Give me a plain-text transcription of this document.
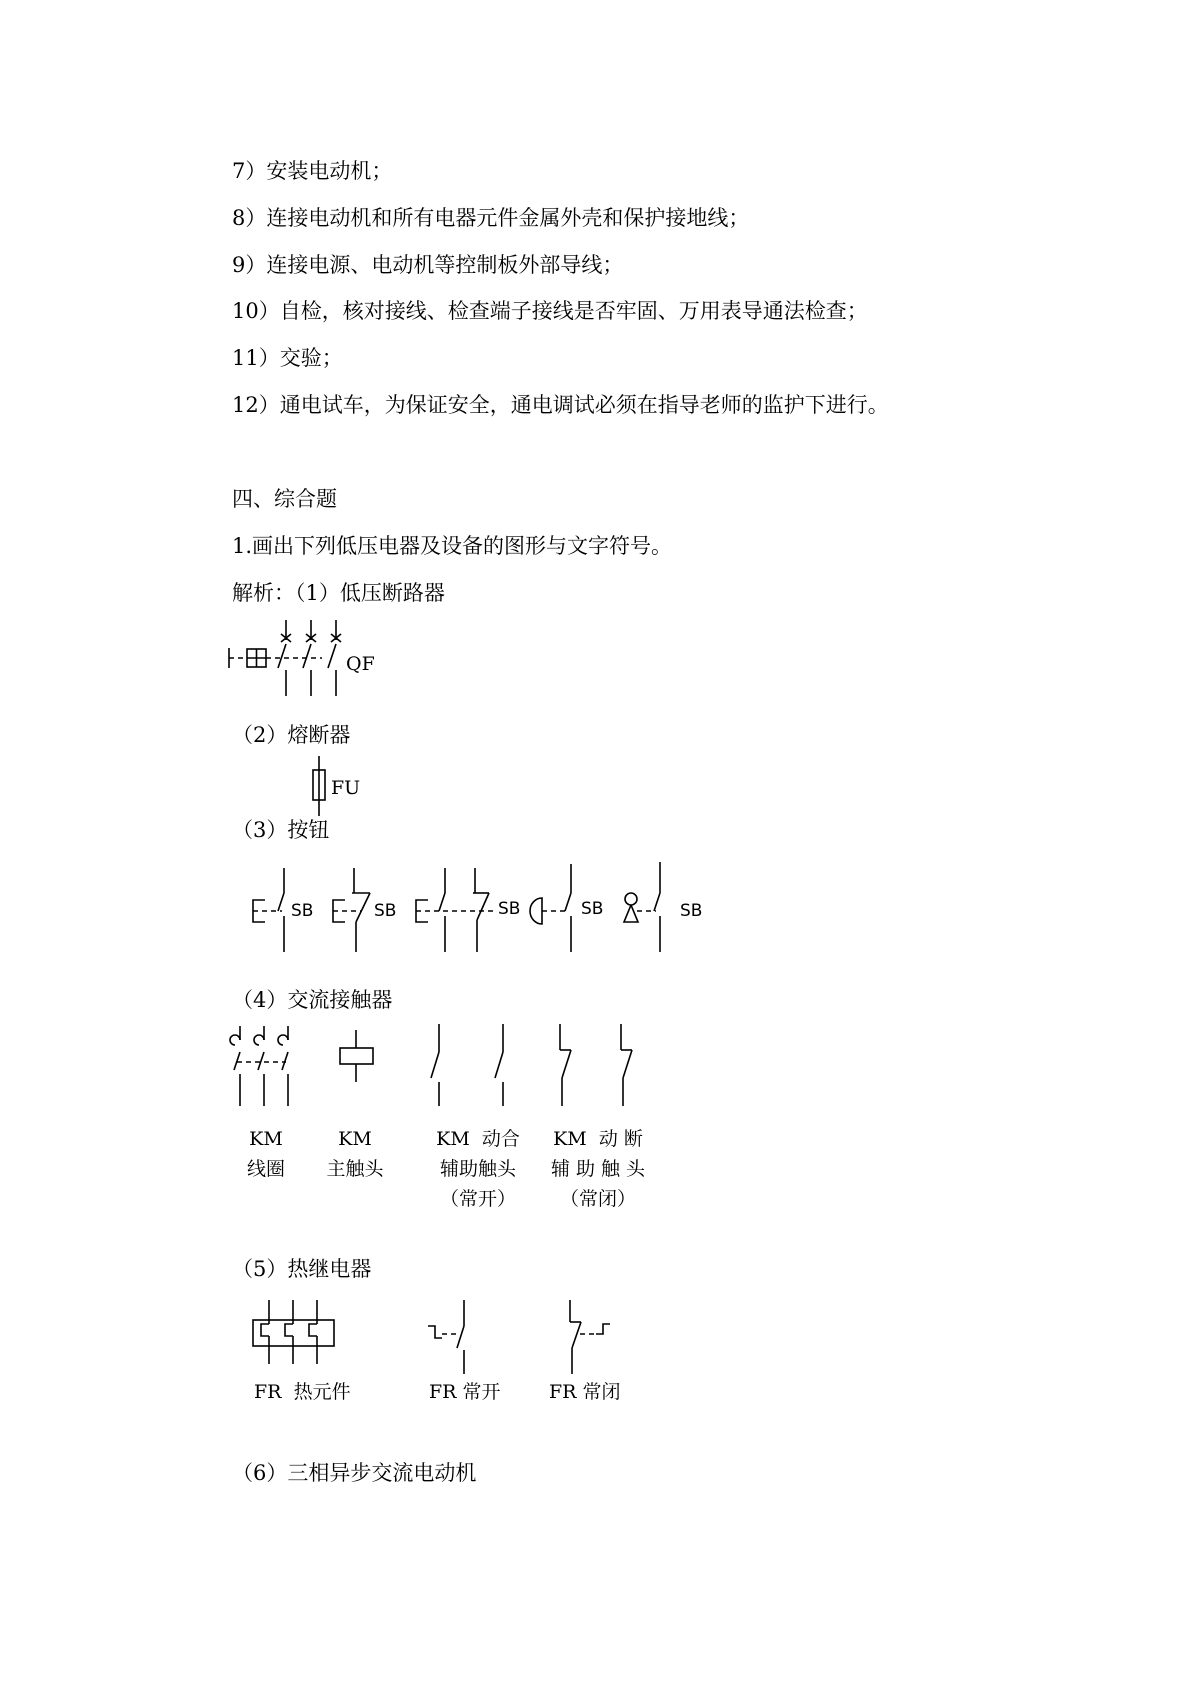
7）安装电动机；
8）连接电动机和所有电器元件金属外壳和保护接地线；
9）连接电源、电动机等控制板外部导线；
10）自检，核对接线、检查端子接线是否牢固、万用表导通法检查；
11）交验；
12）通电试车，为保证安全，通电调试必须在指导老师的监护下进行。
四、综合题
1.画出下列低压电器及设备的图形与文字符号。
解析：（1）低压断路器
QF
（2）熔断器
FU
（3）按钮
SB	SB	SB	SB	SB
（4）交流接触器
KM
线圈
KM
主触头
KM  动合
辅助触头
（常开）
KM  动 断
辅 助 触 头
（常闭）
（5）热继电器
FR  热元件	FR 常开	FR 常闭
（6）三相异步交流电动机
